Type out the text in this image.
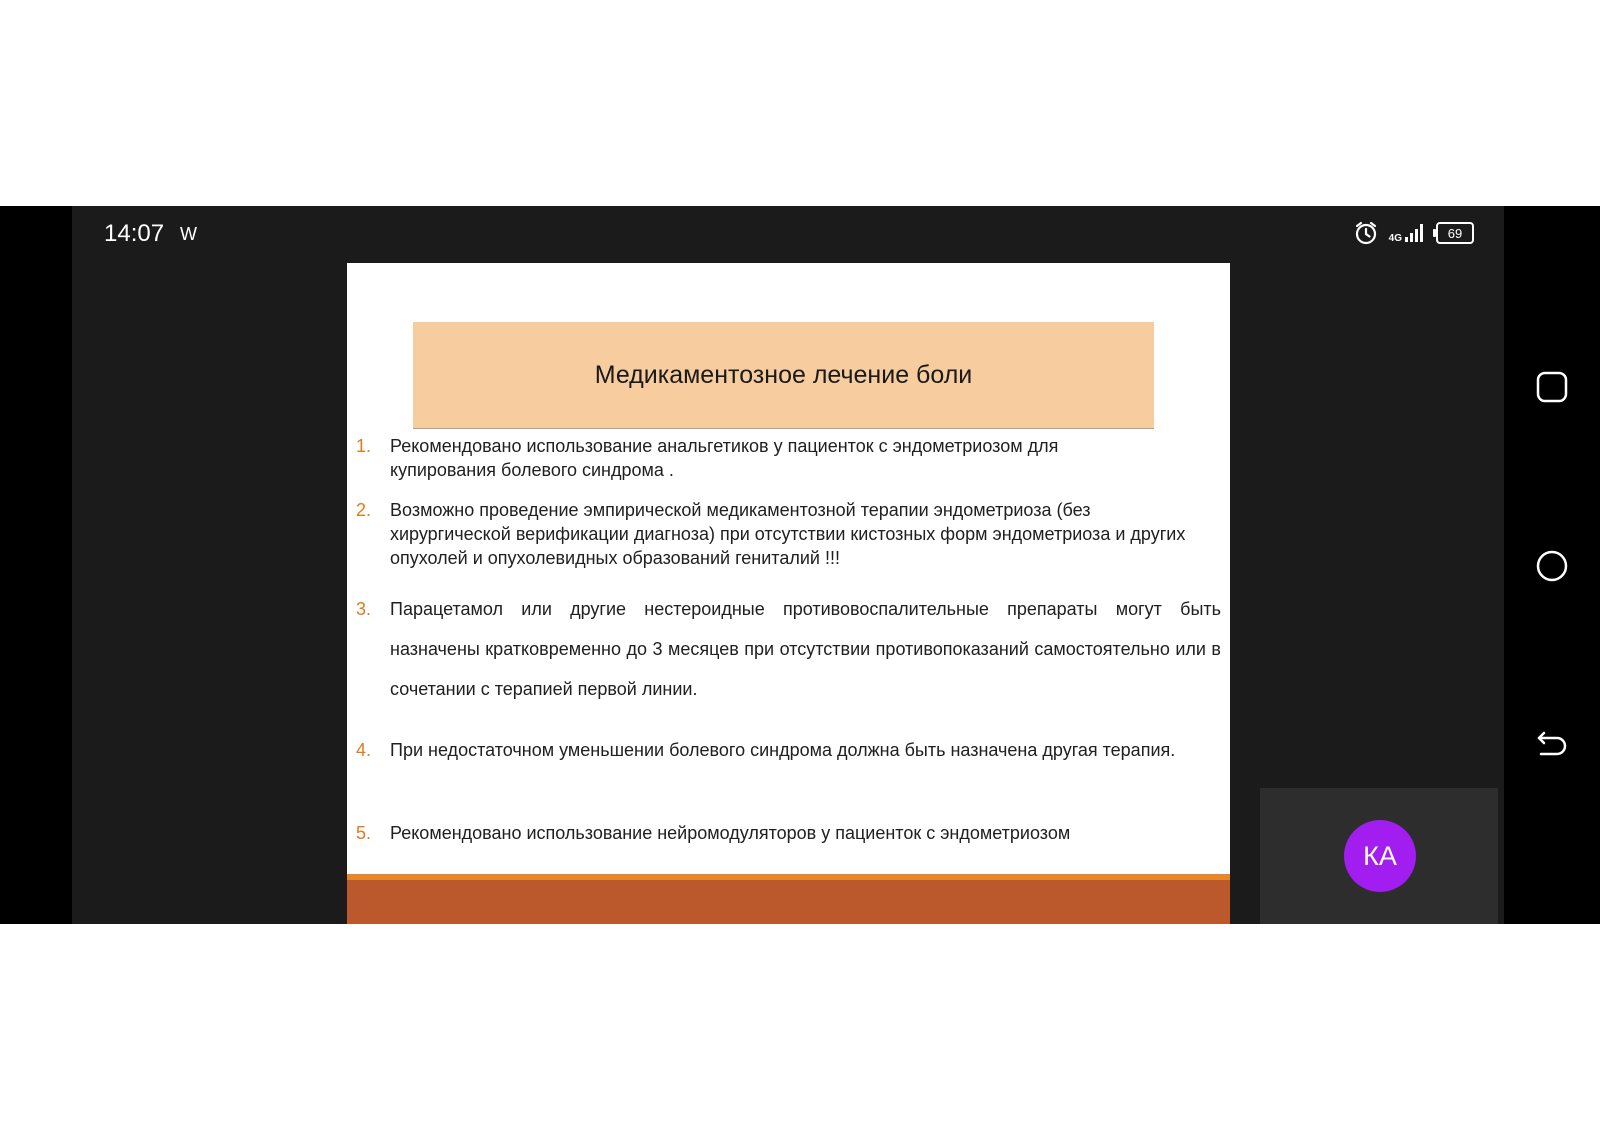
14:07 W	4G	69
Медикаментозное лечение боли
1. Рекомендовано использование анальгетиков у пациенток с эндометриозом для купирования болевого синдрома .
2. Возможно проведение эмпирической медикаментозной терапии эндометриоза (без хирургической верификации диагноза) при отсутствии кистозных форм эндометриоза и других опухолей и опухолевидных образований гениталий !!!
3. Парацетамол или другие нестероидные противовоспалительные препараты могут быть назначены кратковременно до 3 месяцев при отсутствии противопоказаний самостоятельно или в сочетании с терапией первой линии.
4. При недостаточном уменьшении болевого синдрома должна быть назначена другая терапия.
5. Рекомендовано использование нейромодуляторов у пациенток с эндометриозом
КА
